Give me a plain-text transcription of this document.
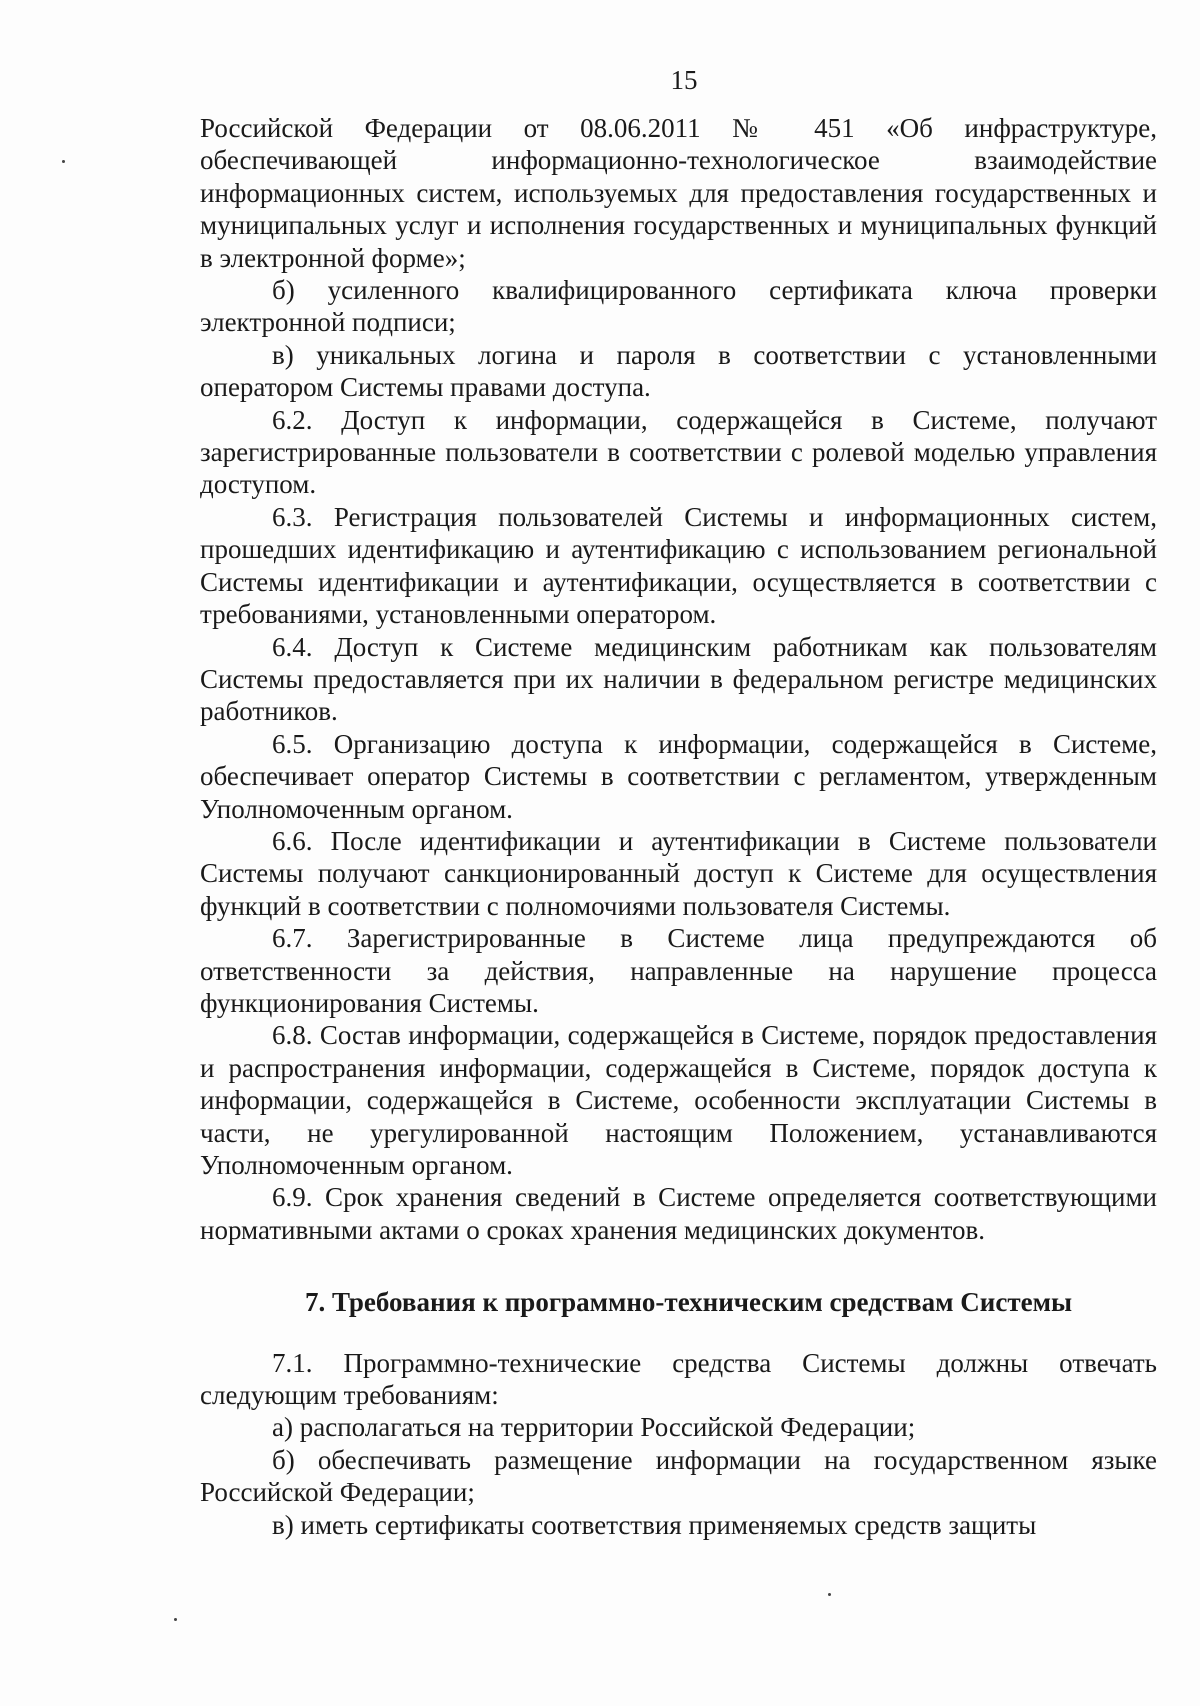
15

Российской Федерации от 08.06.2011 № 451 «Об инфраструктуре, обеспечивающей информационно-технологическое взаимодействие информационных систем, используемых для предоставления государственных и муниципальных услуг и исполнения государственных и муниципальных функций в электронной форме»;

б) усиленного квалифицированного сертификата ключа проверки электронной подписи;

в) уникальных логина и пароля в соответствии с установленными оператором Системы правами доступа.

6.2. Доступ к информации, содержащейся в Системе, получают зарегистрированные пользователи в соответствии с ролевой моделью управления доступом.

6.3. Регистрация пользователей Системы и информационных систем, прошедших идентификацию и аутентификацию с использованием региональной Системы идентификации и аутентификации, осуществляется в соответствии с требованиями, установленными оператором.

6.4. Доступ к Системе медицинским работникам как пользователям Системы предоставляется при их наличии в федеральном регистре медицинских работников.

6.5. Организацию доступа к информации, содержащейся в Системе, обеспечивает оператор Системы в соответствии с регламентом, утвержденным Уполномоченным органом.

6.6. После идентификации и аутентификации в Системе пользователи Системы получают санкционированный доступ к Системе для осуществления функций в соответствии с полномочиями пользователя Системы.

6.7. Зарегистрированные в Системе лица предупреждаются об ответственности за действия, направленные на нарушение процесса функционирования Системы.

6.8. Состав информации, содержащейся в Системе, порядок предоставления и распространения информации, содержащейся в Системе, порядок доступа к информации, содержащейся в Системе, особенности эксплуатации Системы в части, не урегулированной настоящим Положением, устанавливаются Уполномоченным органом.

6.9. Срок хранения сведений в Системе определяется соответствующими нормативными актами о сроках хранения медицинских документов.

7. Требования к программно-техническим средствам Системы

7.1. Программно-технические средства Системы должны отвечать следующим требованиям:

а) располагаться на территории Российской Федерации;

б) обеспечивать размещение информации на государственном языке Российской Федерации;

в) иметь сертификаты соответствия применяемых средств защиты
